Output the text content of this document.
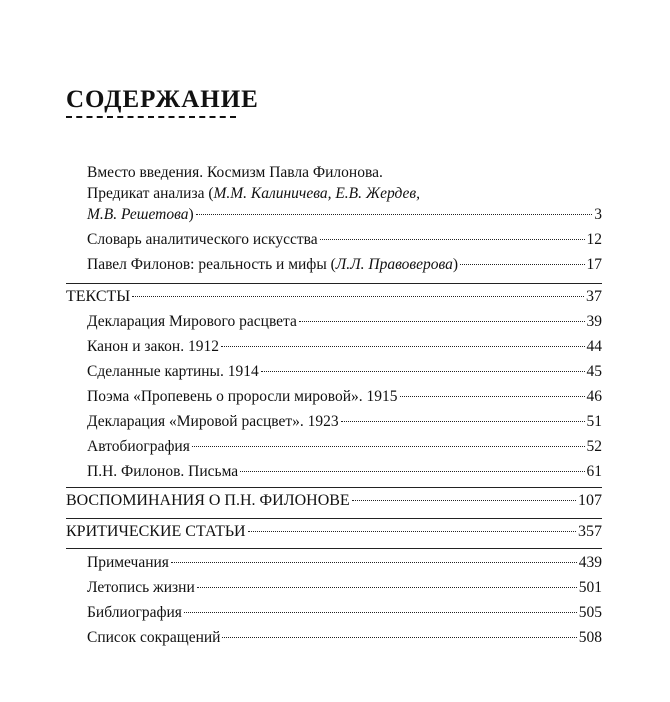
СОДЕРЖАНИЕ
Вместо введения. Космизм Павла Филонова.
Предикат анализа (М.М. Калиничева, Е.В. Жердев,
М.В. Решетова)	3
Словарь аналитического искусства	12
Павел Филонов: реальность и мифы (Л.Л. Правоверова)	17
ТЕКСТЫ	37
Декларация Мирового расцвета	39
Канон и закон. 1912	44
Сделанные картины. 1914	45
Поэма «Пропевень о проросли мировой». 1915	46
Декларация «Мировой расцвет». 1923	51
Автобиография	52
П.Н. Филонов. Письма	61
ВОСПОМИНАНИЯ О П.Н. ФИЛОНОВЕ	107
КРИТИЧЕСКИЕ СТАТЬИ	357
Примечания	439
Летопись жизни	501
Библиография	505
Список сокращений	508
